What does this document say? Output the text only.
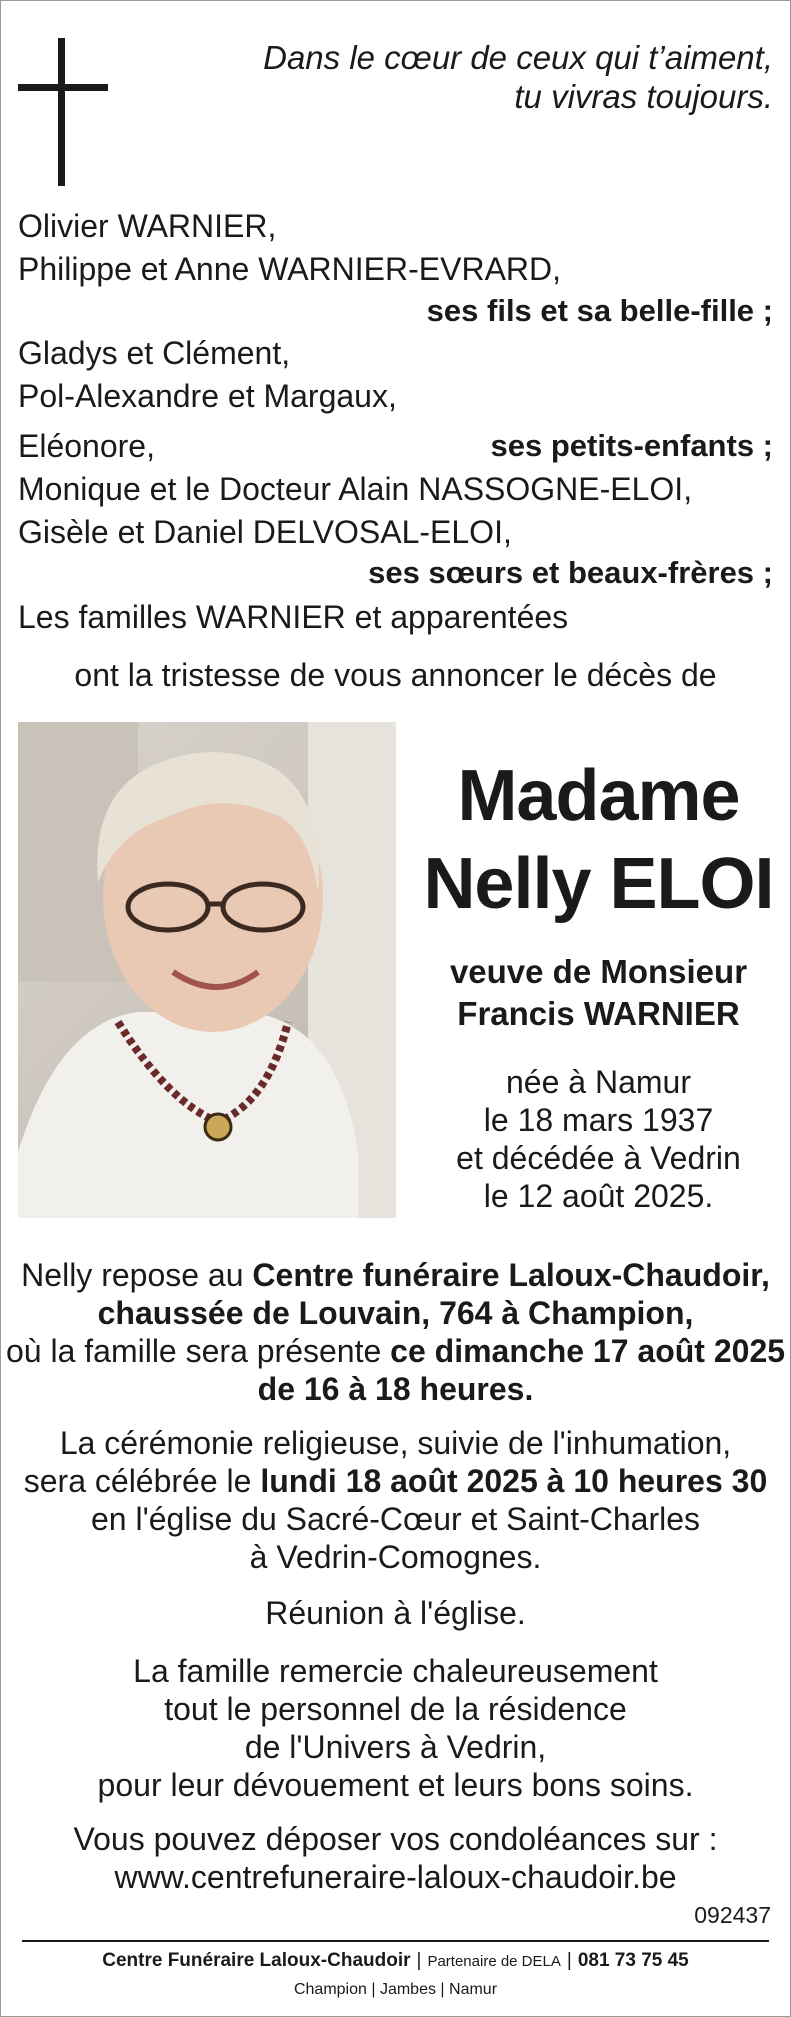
Dans le cœur de ceux qui t’aiment,
tu vivras toujours.
Olivier WARNIER,
Philippe et Anne WARNIER-EVRARD,
ses fils et sa belle-fille ;
Gladys et Clément,
Pol-Alexandre et Margaux,
Eléonore,	ses petits-enfants ;
Monique et le Docteur Alain NASSOGNE-ELOI,
Gisèle et Daniel DELVOSAL-ELOI,
ses sœurs et beaux-frères ;
Les familles WARNIER et apparentées
ont la tristesse de vous annoncer le décès de
Madame
Nelly ELOI
veuve de Monsieur
Francis WARNIER
née à Namur
le 18 mars 1937
et décédée à Vedrin
le 12 août 2025.
Nelly repose au Centre funéraire Laloux-Chaudoir,
chaussée de Louvain, 764 à Champion,
où la famille sera présente ce dimanche 17 août 2025
de 16 à 18 heures.
La cérémonie religieuse, suivie de l'inhumation,
sera célébrée le lundi 18 août 2025 à 10 heures 30
en l'église du Sacré-Cœur et Saint-Charles
à Vedrin-Comognes.
Réunion à l'église.
La famille remercie chaleureusement
tout le personnel de la résidence
de l'Univers à Vedrin,
pour leur dévouement et leurs bons soins.
Vous pouvez déposer vos condoléances sur :
www.centrefuneraire-laloux-chaudoir.be
092437
Centre Funéraire Laloux-Chaudoir | Partenaire de DELA | 081 73 75 45
Champion | Jambes | Namur
